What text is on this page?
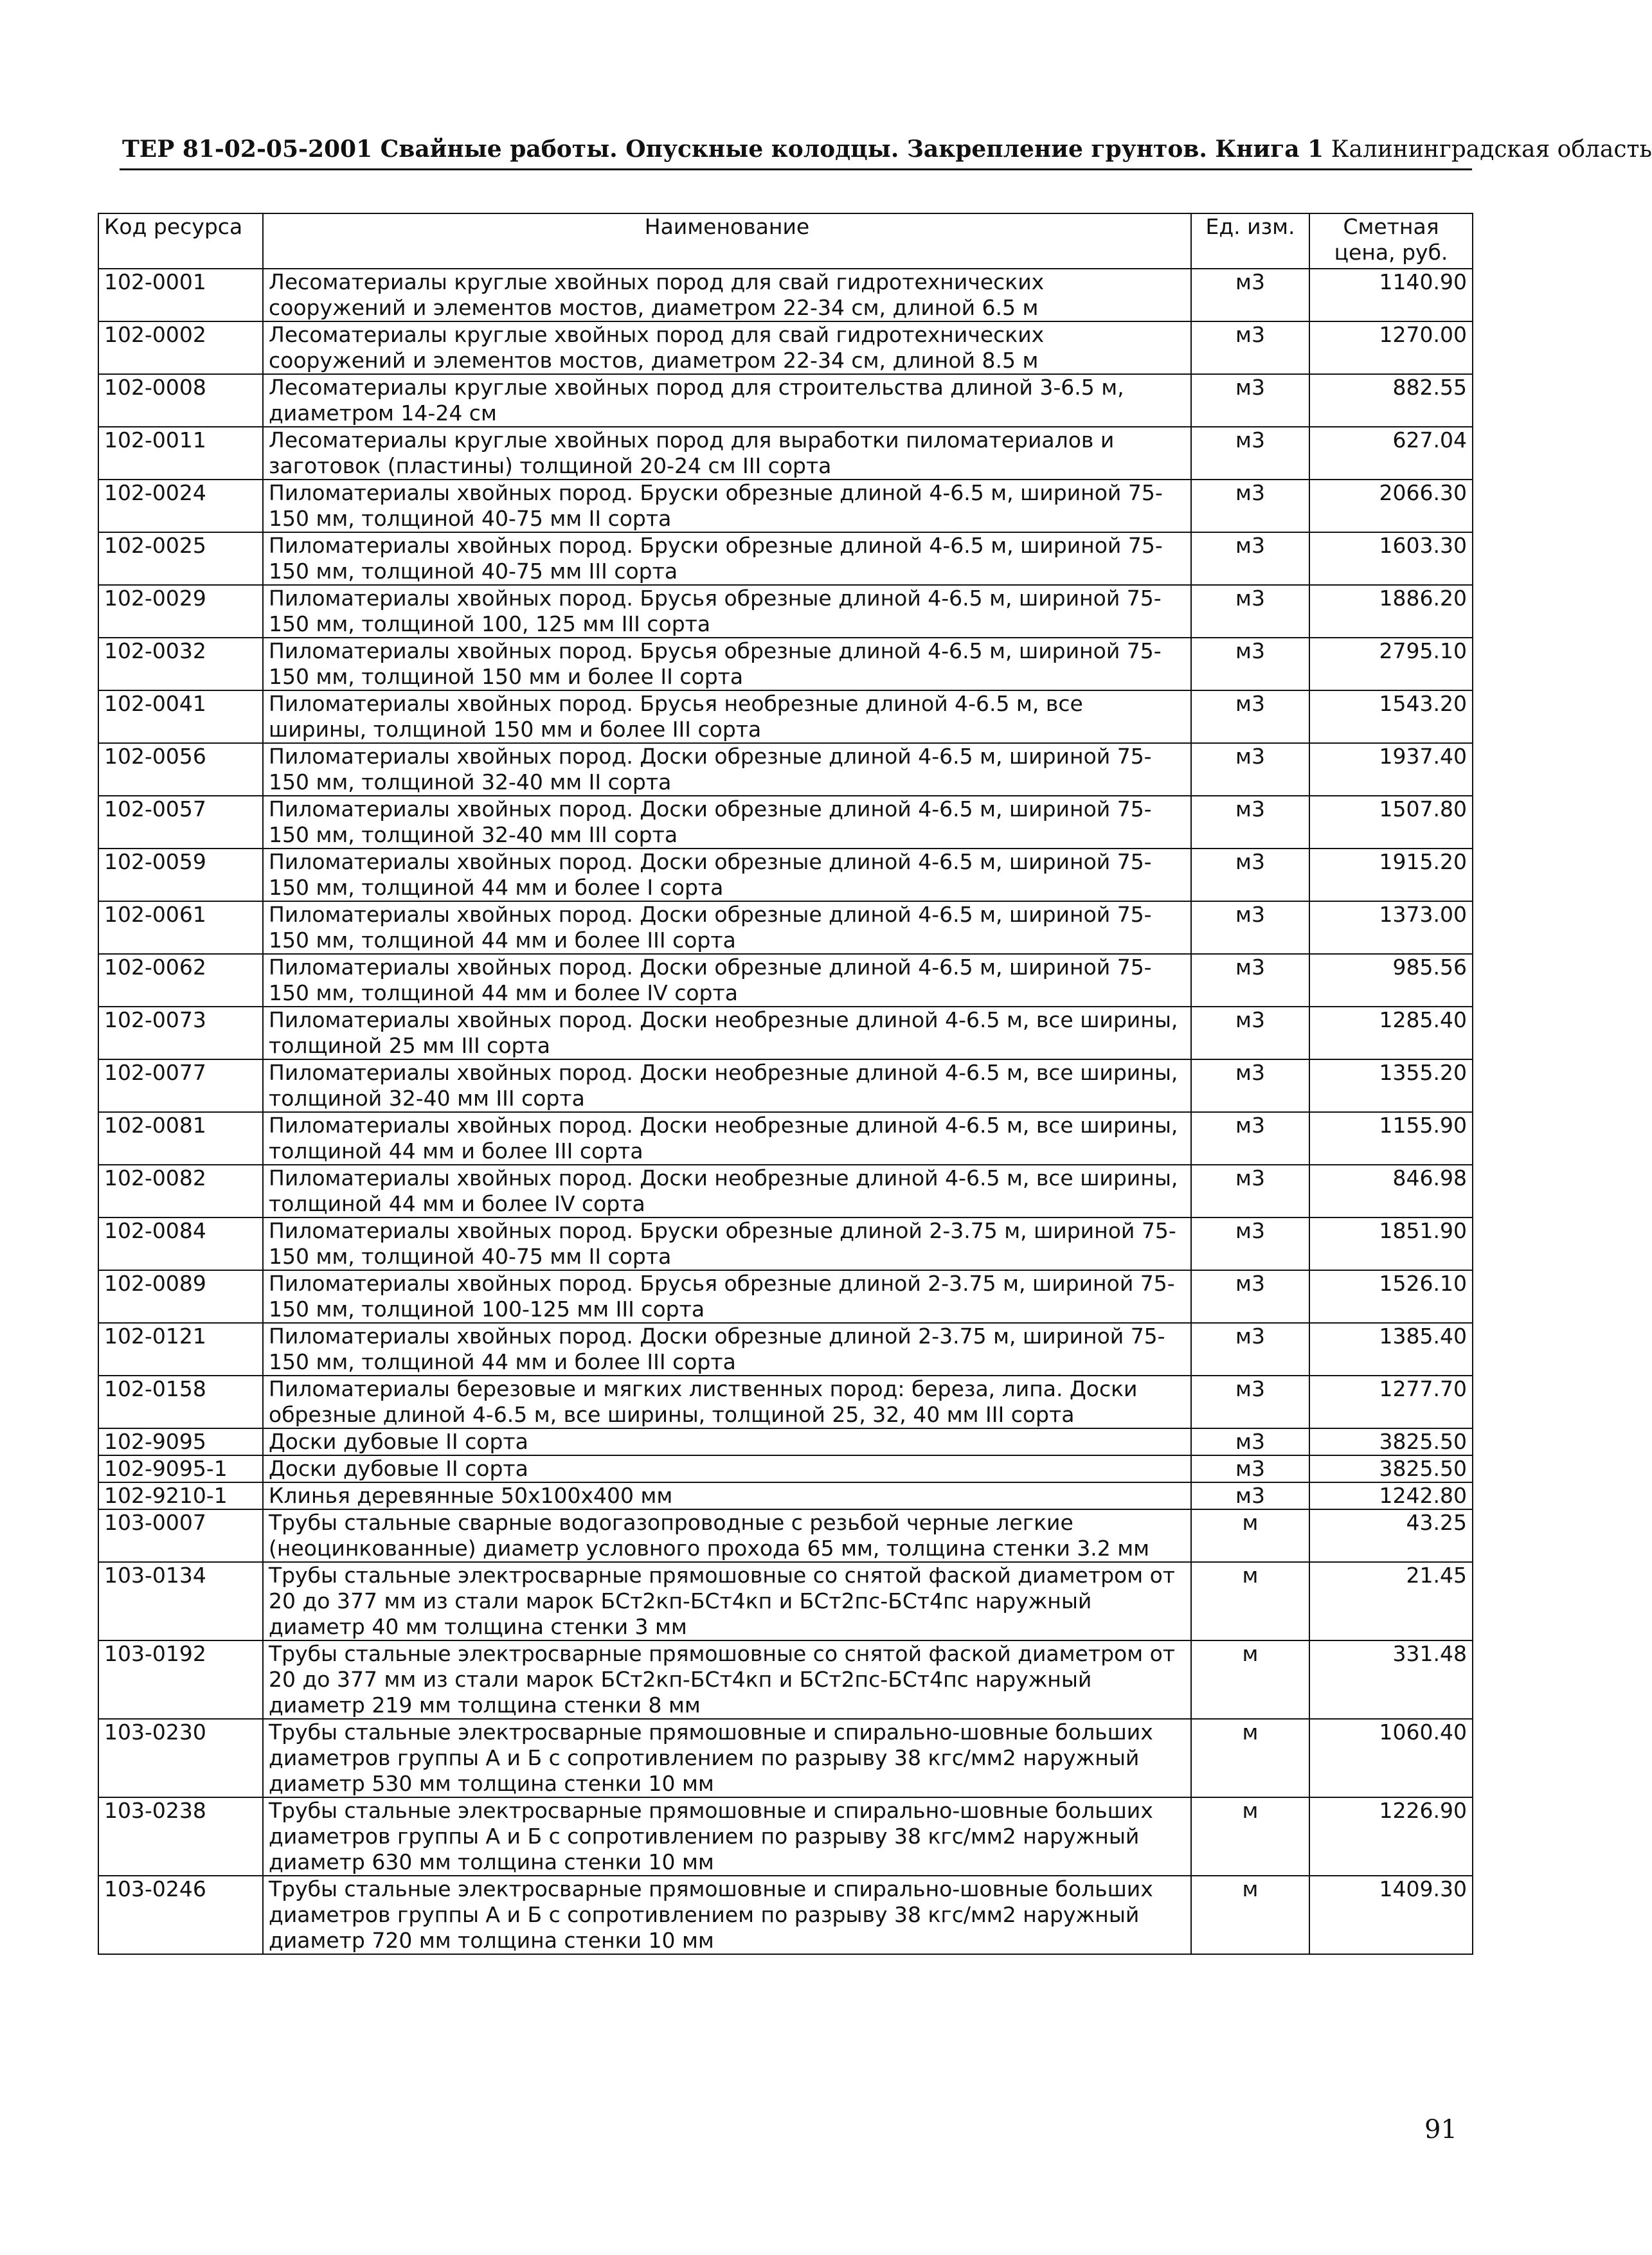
ТЕР 81-02-05-2001 Свайные работы. Опускные колодцы. Закрепление грунтов. Книга 1 Калининградская область
Код ресурса	Наименование	Ед. изм.	Сметная цена, руб.
102-0001	Лесоматериалы круглые хвойных пород для свай гидротехнических сооружений и элементов мостов, диаметром 22-34 см, длиной 6.5 м	м3	1140.90
102-0002	Лесоматериалы круглые хвойных пород для свай гидротехнических сооружений и элементов мостов, диаметром 22-34 см, длиной 8.5 м	м3	1270.00
102-0008	Лесоматериалы круглые хвойных пород для строительства длиной 3-6.5 м, диаметром 14-24 см	м3	882.55
102-0011	Лесоматериалы круглые хвойных пород для выработки пиломатериалов и заготовок (пластины) толщиной 20-24 см III сорта	м3	627.04
102-0024	Пиломатериалы хвойных пород. Бруски обрезные длиной 4-6.5 м, шириной 75-150 мм, толщиной 40-75 мм II сорта	м3	2066.30
102-0025	Пиломатериалы хвойных пород. Бруски обрезные длиной 4-6.5 м, шириной 75-150 мм, толщиной 40-75 мм III сорта	м3	1603.30
102-0029	Пиломатериалы хвойных пород. Брусья обрезные длиной 4-6.5 м, шириной 75-150 мм, толщиной 100, 125 мм III сорта	м3	1886.20
102-0032	Пиломатериалы хвойных пород. Брусья обрезные длиной 4-6.5 м, шириной 75-150 мм, толщиной 150 мм и более II сорта	м3	2795.10
102-0041	Пиломатериалы хвойных пород. Брусья необрезные длиной 4-6.5 м, все ширины, толщиной 150 мм и более III сорта	м3	1543.20
102-0056	Пиломатериалы хвойных пород. Доски обрезные длиной 4-6.5 м, шириной 75-150 мм, толщиной 32-40 мм II сорта	м3	1937.40
102-0057	Пиломатериалы хвойных пород. Доски обрезные длиной 4-6.5 м, шириной 75-150 мм, толщиной 32-40 мм III сорта	м3	1507.80
102-0059	Пиломатериалы хвойных пород. Доски обрезные длиной 4-6.5 м, шириной 75-150 мм, толщиной 44 мм и более I сорта	м3	1915.20
102-0061	Пиломатериалы хвойных пород. Доски обрезные длиной 4-6.5 м, шириной 75-150 мм, толщиной 44 мм и более III сорта	м3	1373.00
102-0062	Пиломатериалы хвойных пород. Доски обрезные длиной 4-6.5 м, шириной 75-150 мм, толщиной 44 мм и более IV сорта	м3	985.56
102-0073	Пиломатериалы хвойных пород. Доски необрезные длиной 4-6.5 м, все ширины, толщиной 25 мм III сорта	м3	1285.40
102-0077	Пиломатериалы хвойных пород. Доски необрезные длиной 4-6.5 м, все ширины, толщиной 32-40 мм III сорта	м3	1355.20
102-0081	Пиломатериалы хвойных пород. Доски необрезные длиной 4-6.5 м, все ширины, толщиной 44 мм и более III сорта	м3	1155.90
102-0082	Пиломатериалы хвойных пород. Доски необрезные длиной 4-6.5 м, все ширины, толщиной 44 мм и более IV сорта	м3	846.98
102-0084	Пиломатериалы хвойных пород. Бруски обрезные длиной 2-3.75 м, шириной 75-150 мм, толщиной 40-75 мм II сорта	м3	1851.90
102-0089	Пиломатериалы хвойных пород. Брусья обрезные длиной 2-3.75 м, шириной 75-150 мм, толщиной 100-125 мм III сорта	м3	1526.10
102-0121	Пиломатериалы хвойных пород. Доски обрезные длиной 2-3.75 м, шириной 75-150 мм, толщиной 44 мм и более III сорта	м3	1385.40
102-0158	Пиломатериалы березовые и мягких лиственных пород: береза, липа. Доски обрезные длиной 4-6.5 м, все ширины, толщиной 25, 32, 40 мм III сорта	м3	1277.70
102-9095	Доски дубовые II сорта	м3	3825.50
102-9095-1	Доски дубовые II сорта	м3	3825.50
102-9210-1	Клинья деревянные 50х100х400 мм	м3	1242.80
103-0007	Трубы стальные сварные водогазопроводные с резьбой черные легкие (неоцинкованные) диаметр условного прохода 65 мм, толщина стенки 3.2 мм	м	43.25
103-0134	Трубы стальные электросварные прямошовные со снятой фаской диаметром от 20 до 377 мм из стали марок БСт2кп-БСт4кп и БСт2пс-БСт4пс наружный диаметр 40 мм толщина стенки 3 мм	м	21.45
103-0192	Трубы стальные электросварные прямошовные со снятой фаской диаметром от 20 до 377 мм из стали марок БСт2кп-БСт4кп и БСт2пс-БСт4пс наружный диаметр 219 мм толщина стенки 8 мм	м	331.48
103-0230	Трубы стальные электросварные прямошовные и спирально-шовные больших диаметров группы А и Б с сопротивлением по разрыву 38 кгс/мм2 наружный диаметр 530 мм толщина стенки 10 мм	м	1060.40
103-0238	Трубы стальные электросварные прямошовные и спирально-шовные больших диаметров группы А и Б с сопротивлением по разрыву 38 кгс/мм2 наружный диаметр 630 мм толщина стенки 10 мм	м	1226.90
103-0246	Трубы стальные электросварные прямошовные и спирально-шовные больших диаметров группы А и Б с сопротивлением по разрыву 38 кгс/мм2 наружный диаметр 720 мм толщина стенки 10 мм	м	1409.30
91
